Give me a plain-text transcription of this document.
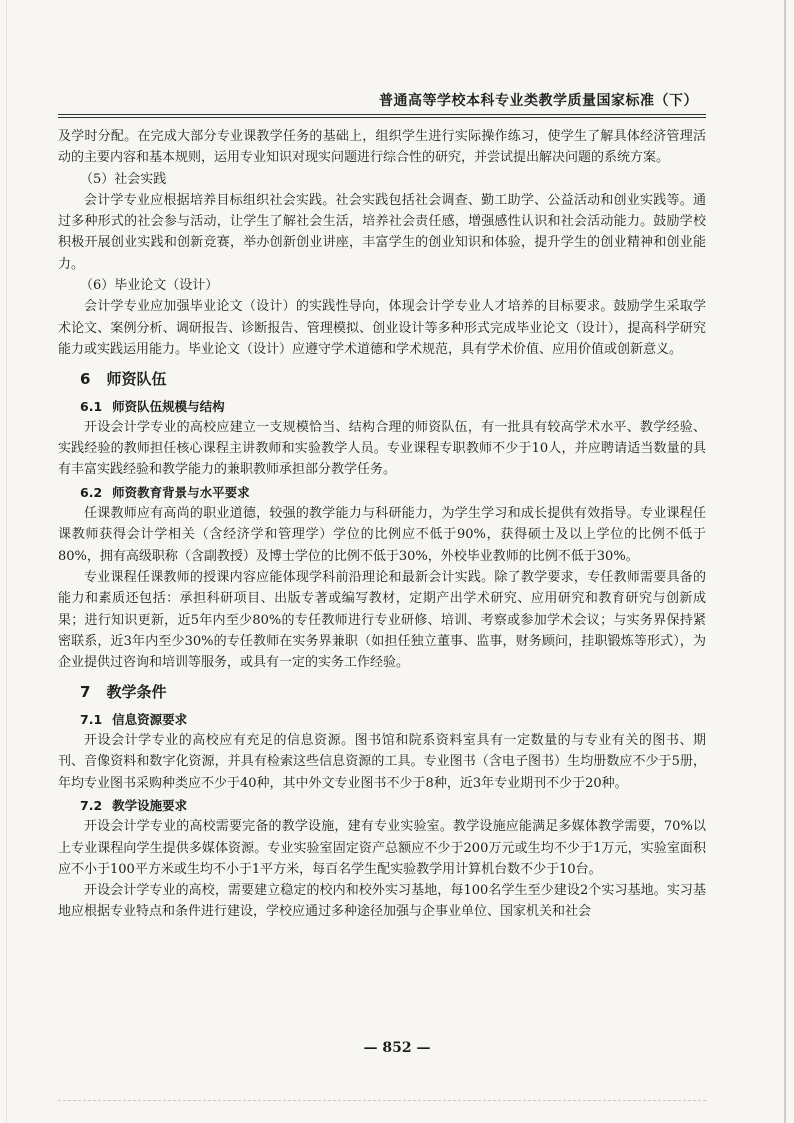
普通高等学校本科专业类教学质量国家标准（下）

及学时分配。在完成大部分专业课教学任务的基础上，组织学生进行实际操作练习，使学生了解具体经济管理活动的主要内容和基本规则，运用专业知识对现实问题进行综合性的研究，并尝试提出解决问题的系统方案。

（5）社会实践

会计学专业应根据培养目标组织社会实践。社会实践包括社会调查、勤工助学、公益活动和创业实践等。通过多种形式的社会参与活动，让学生了解社会生活，培养社会责任感，增强感性认识和社会活动能力。鼓励学校积极开展创业实践和创新竞赛，举办创新创业讲座，丰富学生的创业知识和体验，提升学生的创业精神和创业能力。

（6）毕业论文（设计）

会计学专业应加强毕业论文（设计）的实践性导向，体现会计学专业人才培养的目标要求。鼓励学生采取学术论文、案例分析、调研报告、诊断报告、管理模拟、创业设计等多种形式完成毕业论文（设计），提高科学研究能力或实践运用能力。毕业论文（设计）应遵守学术道德和学术规范，具有学术价值、应用价值或创新意义。

6 师资队伍
6.1 师资队伍规模与结构

开设会计学专业的高校应建立一支规模恰当、结构合理的师资队伍，有一批具有较高学术水平、教学经验、实践经验的教师担任核心课程主讲教师和实验教学人员。专业课程专职教师不少于10人，并应聘请适当数量的具有丰富实践经验和教学能力的兼职教师承担部分教学任务。

6.2 师资教育背景与水平要求

任课教师应有高尚的职业道德，较强的教学能力与科研能力，为学生学习和成长提供有效指导。专业课程任课教师获得会计学相关（含经济学和管理学）学位的比例应不低于90%，获得硕士及以上学位的比例不低于80%，拥有高级职称（含副教授）及博士学位的比例不低于30%，外校毕业教师的比例不低于30%。

专业课程任课教师的授课内容应能体现学科前沿理论和最新会计实践。除了教学要求，专任教师需要具备的能力和素质还包括：承担科研项目、出版专著或编写教材，定期产出学术研究、应用研究和教育研究与创新成果；进行知识更新，近5年内至少80%的专任教师进行专业研修、培训、考察或参加学术会议；与实务界保持紧密联系，近3年内至少30%的专任教师在实务界兼职（如担任独立董事、监事，财务顾问，挂职锻炼等形式），为企业提供过咨询和培训等服务，或具有一定的实务工作经验。

7 教学条件
7.1 信息资源要求

开设会计学专业的高校应有充足的信息资源。图书馆和院系资料室具有一定数量的与专业有关的图书、期刊、音像资料和数字化资源，并具有检索这些信息资源的工具。专业图书（含电子图书）生均册数应不少于5册，年均专业图书采购种类应不少于40种，其中外文专业图书不少于8种，近3年专业期刊不少于20种。

7.2 教学设施要求

开设会计学专业的高校需要完备的教学设施，建有专业实验室。教学设施应能满足多媒体教学需要，70%以上专业课程向学生提供多媒体资源。专业实验室固定资产总额应不少于200万元或生均不少于1万元，实验室面积应不小于100平方米或生均不小于1平方米，每百名学生配实验教学用计算机台数不少于10台。

开设会计学专业的高校，需要建立稳定的校内和校外实习基地，每100名学生至少建设2个实习基地。实习基地应根据专业特点和条件进行建设，学校应通过多种途径加强与企事业单位、国家机关和社会

— 852 —
